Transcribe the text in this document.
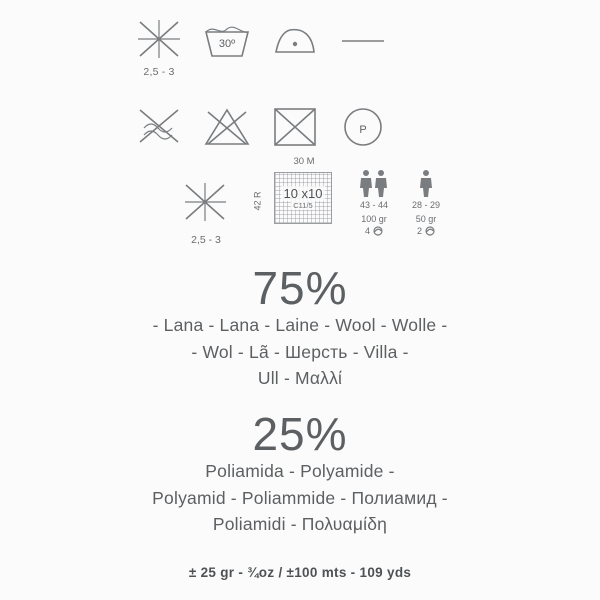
2,5 - 3
30º
P
2,5 - 3
42 R
30 M
10 x10
C11/5	43 - 44
100 gr
4
28 - 29
50 gr
2
75%
- Lana - Lana - Laine - Wool - Wolle -
- Wol - Lã - Шерсть - Villa -
Ull - Μαλλί
25%
Poliamida - Polyamide -
Polyamid - Poliammide - Полиамид -
Poliamidi - Πολυαμίδη
± 25 gr - ¾oz / ±100 mts - 109 yds
